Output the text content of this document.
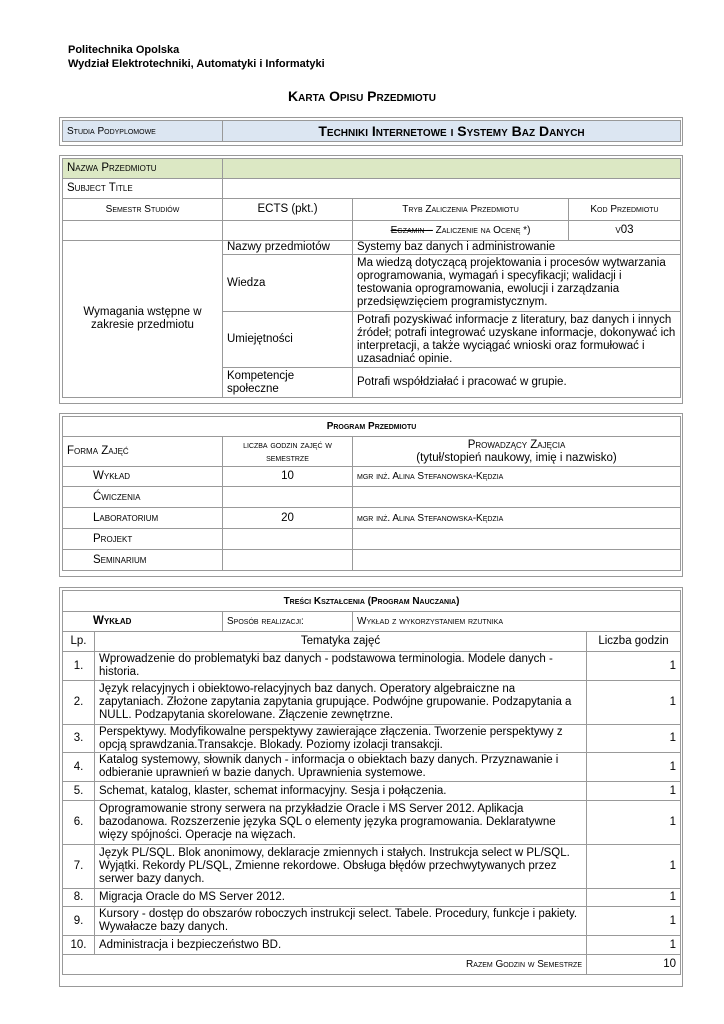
Politechnika Opolska
Wydział Elektrotechniki, Automatyki i Informatyki
Karta Opisu Przedmiotu
Studia Podyplomowe	Techniki Internetowe i Systemy Baz Danych
Nazwa Przedmiotu			
Subject Title			
Semestr Studiów	ECTS (pkt.)	Tryb Zaliczenia Przedmiotu	Kod Przedmiotu
		Egzamin – Zaliczenie na Ocenę *)	v03
Wymagania wstępne w zakresie przedmiotu	Nazwy przedmiotów	Systemy baz danych i administrowanie	
	Wiedza	Ma wiedzą dotyczącą projektowania i procesów wytwarzania oprogramowania, wymagań i specyfikacji; walidacji i testowania oprogramowania, ewolucji i zarządzania przedsięwzięciem programistycznym.	
	Umiejętności	Potrafi pozyskiwać informacje z literatury, baz danych i innych źródeł; potrafi integrować uzyskane informacje, dokonywać ich interpretacji, a także wyciągać wnioski oraz formułować i uzasadniać opinie.	
	Kompetencje społeczne	Potrafi współdziałać i pracować w grupie.	
Program Przedmiotu		
Forma Zajęć	liczba godzin zajęć w semestrze	Prowadzący Zajęcia
(tytuł/stopień naukowy, imię i nazwisko)

Wykład	10	mgr inż. Alina Stefanowska-Kędzia
Ćwiczenia		
Laboratorium	20	mgr inż. Alina Stefanowska-Kędzia
Projekt		
Seminarium		
Treści Kształcenia (Program Nauczania)				
Wykład		Sposób realizacji:	Wykład z wykorzystaniem rzutnika	
Lp.	Tematyka zajęć			Liczba godzin
1.	Wprowadzenie do problematyki baz danych - podstawowa terminologia. Modele danych - historia.			1
2.	Język relacyjnych i obiektowo-relacyjnych baz danych. Operatory algebraiczne na zapytaniach. Złożone zapytania zapytania grupujące. Podwójne grupowanie. Podzapytania a NULL. Podzapytania skorelowane. Złączenie zewnętrzne.			1
3.	Perspektywy. Modyfikowalne perspektywy zawierające złączenia. Tworzenie perspektywy z opcją sprawdzania.Transakcje. Blokady. Poziomy izolacji transakcji.			1
4.	Katalog systemowy, słownik danych - informacja o obiektach bazy danych. Przyznawanie i odbieranie uprawnień w bazie danych. Uprawnienia systemowe.			1
5.	Schemat, katalog, klaster, schemat informacyjny. Sesja i połączenia.			1
6.	Oprogramowanie strony serwera na przykładzie Oracle i MS Server 2012. Aplikacja bazodanowa. Rozszerzenie języka SQL o elementy języka programowania. Deklaratywne więzy spójności. Operacje na więzach.			1
7.	Język PL/SQL. Blok anonimowy, deklaracje zmiennych i stałych. Instrukcja select w PL/SQL. Wyjątki. Rekordy PL/SQL, Zmienne rekordowe. Obsługa błędów przechwytywanych przez serwer bazy danych.			1
8.	Migracja Oracle do MS Server 2012.			1
9.	Kursory - dostęp do obszarów roboczych instrukcji select. Tabele. Procedury, funkcje i pakiety. Wywałacze bazy danych.			1
10.	Administracja i bezpieczeństwo BD.			1
Razem Godzin w Semestrze				10
